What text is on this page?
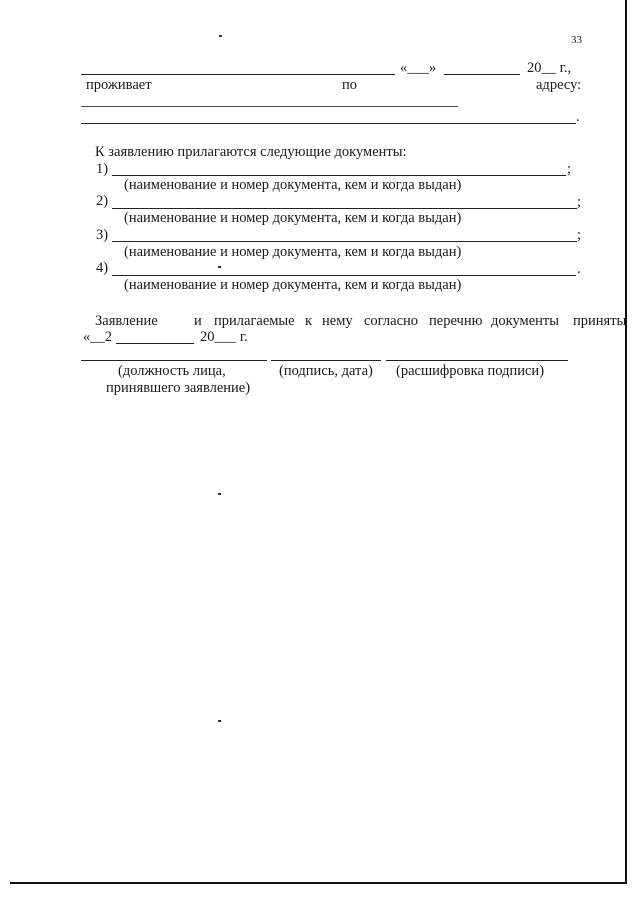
33
«___»	20__ г.,
проживает	по	адресу:
.
К заявлению прилагаются следующие документы:
1)	;
(наименование и номер документа, кем и когда выдан)
2)	;
(наименование и номер документа, кем и когда выдан)
3)	;
(наименование и номер документа, кем и когда выдан)
4)	.
(наименование и номер документа, кем и когда выдан)
Заявление	и прилагаемые к нему согласно перечню документы приняты
«__2	20___ г.
(должность лица,
принявшего заявление)
(подпись, дата) (расшифровка подписи)
